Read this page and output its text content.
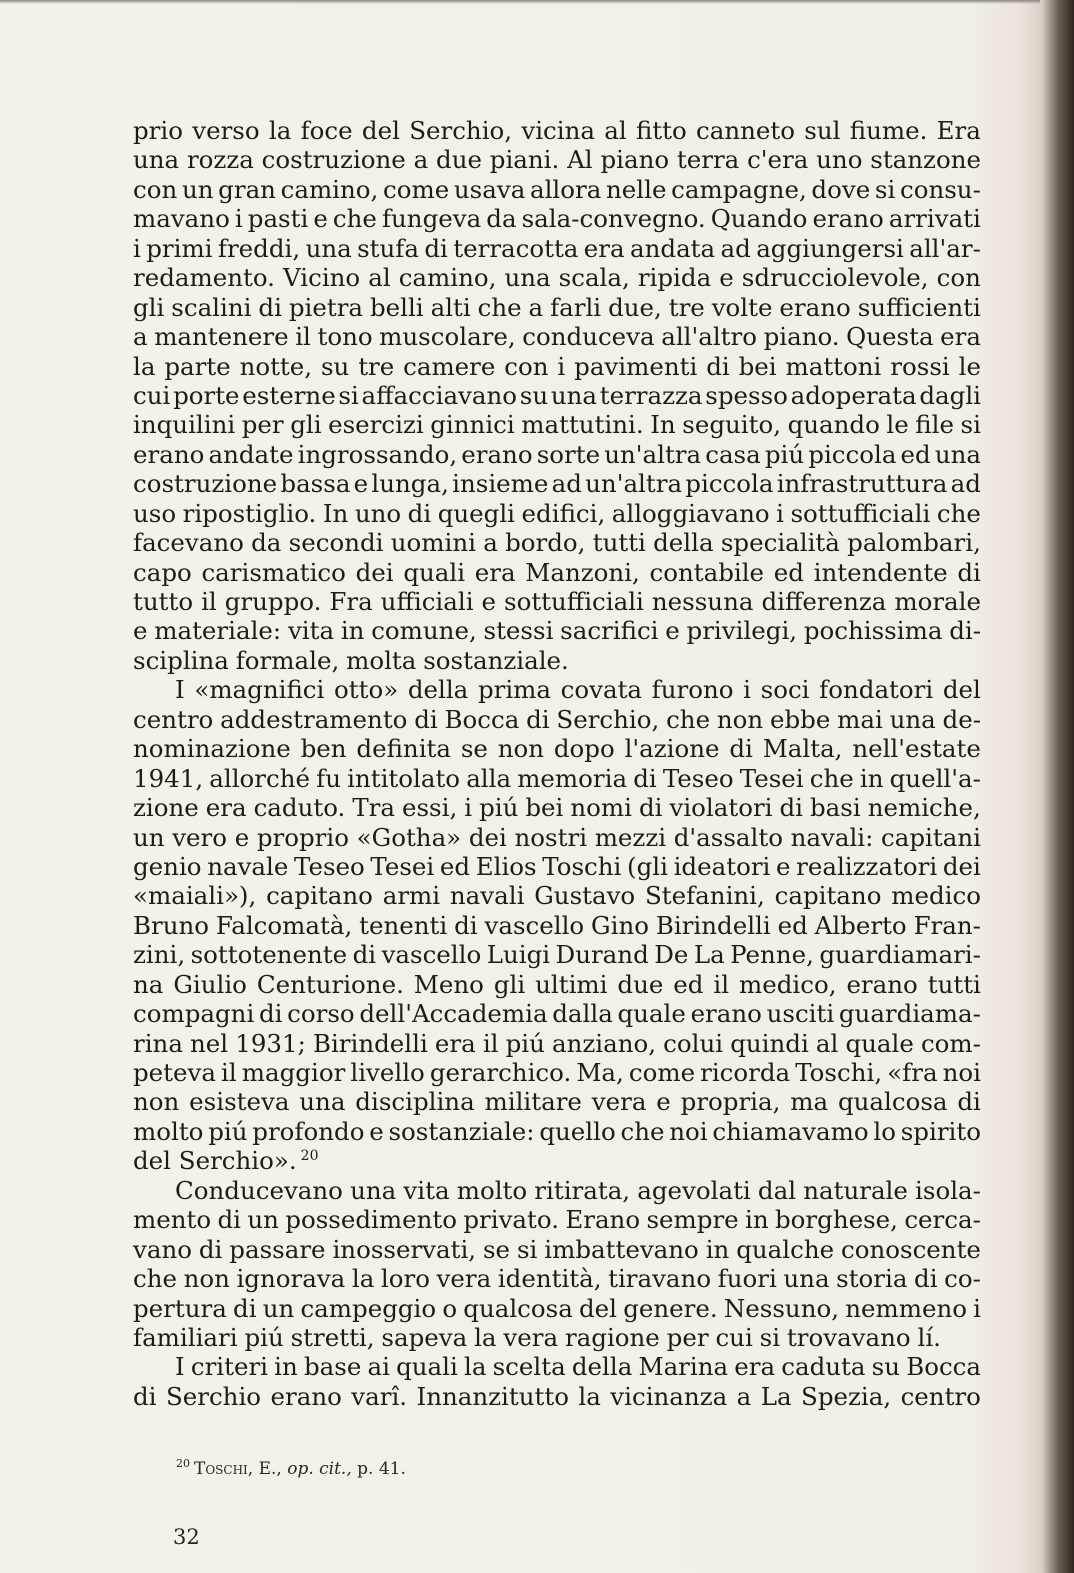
prio verso la foce del Serchio, vicina al fitto canneto sul fiume. Era
una rozza costruzione a due piani. Al piano terra c'era uno stanzone
con un gran camino, come usava allora nelle campagne, dove si consu-
mavano i pasti e che fungeva da sala-convegno. Quando erano arrivati
i primi freddi, una stufa di terracotta era andata ad aggiungersi all'ar-
redamento. Vicino al camino, una scala, ripida e sdrucciolevole, con
gli scalini di pietra belli alti che a farli due, tre volte erano sufficienti
a mantenere il tono muscolare, conduceva all'altro piano. Questa era
la parte notte, su tre camere con i pavimenti di bei mattoni rossi le
cui porte esterne si affacciavano su una terrazza spesso adoperata dagli
inquilini per gli esercizi ginnici mattutini. In seguito, quando le file si
erano andate ingrossando, erano sorte un'altra casa piú piccola ed una
costruzione bassa e lunga, insieme ad un'altra piccola infrastruttura ad
uso ripostiglio. In uno di quegli edifici, alloggiavano i sottufficiali che
facevano da secondi uomini a bordo, tutti della specialità palombari,
capo carismatico dei quali era Manzoni, contabile ed intendente di
tutto il gruppo. Fra ufficiali e sottufficiali nessuna differenza morale
e materiale: vita in comune, stessi sacrifici e privilegi, pochissima di-
sciplina formale, molta sostanziale.
I «magnifici otto» della prima covata furono i soci fondatori del
centro addestramento di Bocca di Serchio, che non ebbe mai una de-
nominazione ben definita se non dopo l'azione di Malta, nell'estate
1941, allorché fu intitolato alla memoria di Teseo Tesei che in quell'a-
zione era caduto. Tra essi, i piú bei nomi di violatori di basi nemiche,
un vero e proprio «Gotha» dei nostri mezzi d'assalto navali: capitani
genio navale Teseo Tesei ed Elios Toschi (gli ideatori e realizzatori dei
«maiali»), capitano armi navali Gustavo Stefanini, capitano medico
Bruno Falcomatà, tenenti di vascello Gino Birindelli ed Alberto Fran-
zini, sottotenente di vascello Luigi Durand De La Penne, guardiamari-
na Giulio Centurione. Meno gli ultimi due ed il medico, erano tutti
compagni di corso dell'Accademia dalla quale erano usciti guardiama-
rina nel 1931; Birindelli era il piú anziano, colui quindi al quale com-
peteva il maggior livello gerarchico. Ma, come ricorda Toschi, «fra noi
non esisteva una disciplina militare vera e propria, ma qualcosa di
molto piú profondo e sostanziale: quello che noi chiamavamo lo spirito
del Serchio». $^{20}$
Conducevano una vita molto ritirata, agevolati dal naturale isola-
mento di un possedimento privato. Erano sempre in borghese, cerca-
vano di passare inosservati, se si imbattevano in qualche conoscente
che non ignorava la loro vera identità, tiravano fuori una storia di co-
pertura di un campeggio o qualcosa del genere. Nessuno, nemmeno i
familiari piú stretti, sapeva la vera ragione per cui si trovavano lí.
I criteri in base ai quali la scelta della Marina era caduta su Bocca
di Serchio erano varî. Innanzitutto la vicinanza a La Spezia, centro
$^{20}$ Toschi, E., op. cit., p. 41.
32
